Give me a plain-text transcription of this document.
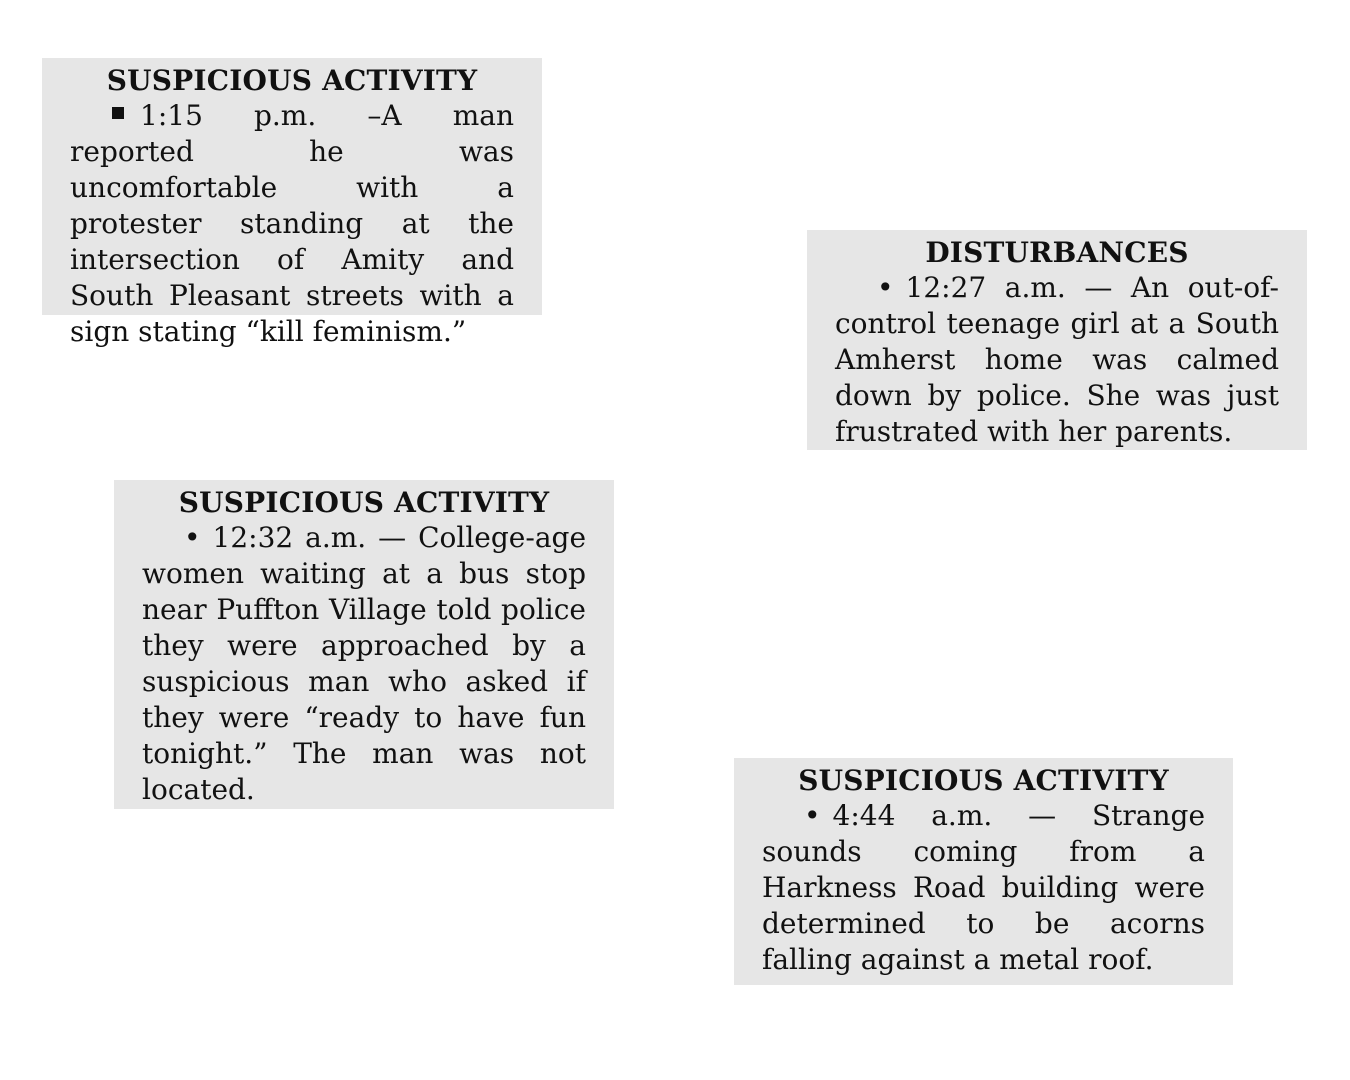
SUSPICIOUS ACTIVITY

1:15 p.m. –A man reported he was uncomfortable with a protester standing at the intersection of Amity and South Pleasant streets with a sign stating “kill feminism.”

DISTURBANCES

• 12:27 a.m. — An out-of-control teenage girl at a South Amherst home was calmed down by police. She was just frustrated with her parents.

SUSPICIOUS ACTIVITY

• 12:32 a.m. — College-age women waiting at a bus stop near Puffton Village told police they were approached by a suspicious man who asked if they were “ready to have fun tonight.” The man was not located.	SUSPICIOUS ACTIVITY

• 4:44 a.m. — Strange sounds coming from a Harkness Road building were determined to be acorns falling against a metal roof.
